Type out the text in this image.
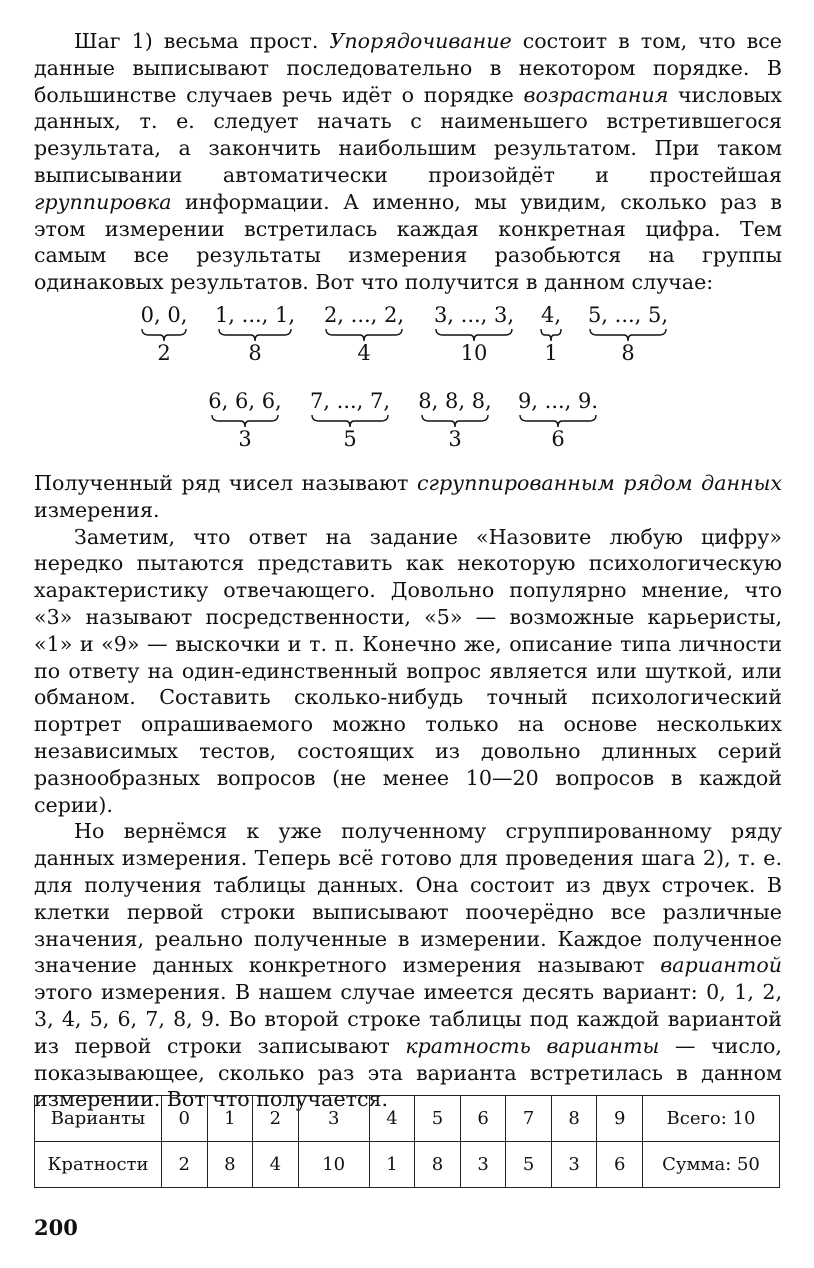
Шаг 1) весьма прост. Упорядочивание состоит в том, что все данные выписывают последовательно в некотором порядке. В большинстве случаев речь идёт о порядке возрастания числовых данных, т. е. следует начать с наименьшего встретившегося результата, а закончить наибольшим результатом. При таком выписывании автоматически произойдёт и простейшая группировка информации. А именно, мы увидим, сколько раз в этом измерении встретилась каждая конкретная цифра. Тем самым все результаты измерения разобьются на группы одинаковых результатов. Вот что получится в данном случае:

0, 0,
2
1, ..., 1,
8
2, ..., 2,
4
3, ..., 3,
10
4,
1
5, ..., 5,
8
6, 6, 6,
3
7, ..., 7,
5
8, 8, 8,
3
9, ..., 9.
6

Полученный ряд чисел называют сгруппированным рядом данных измерения.

Заметим, что ответ на задание «Назовите любую цифру» нередко пытаются представить как некоторую психологическую характеристику отвечающего. Довольно популярно мнение, что «3» называют посредственности, «5» — возможные карьеристы, «1» и «9» — выскочки и т. п. Конечно же, описание типа личности по ответу на один-единственный вопрос является или шуткой, или обманом. Составить сколько-нибудь точный психологический портрет опрашиваемого можно только на основе нескольких независимых тестов, состоящих из довольно длинных серий разнообразных вопросов (не менее 10—20 вопросов в каждой серии).

Но вернёмся к уже полученному сгруппированному ряду данных измерения. Теперь всё готово для проведения шага 2), т. е. для получения таблицы данных. Она состоит из двух строчек. В клетки первой строки выписывают поочерёдно все различные значения, реально полученные в измерении. Каждое полученное значение данных конкретного измерения называют вариантой этого измерения. В нашем случае имеется десять вариант: 0, 1, 2, 3, 4, 5, 6, 7, 8, 9. Во второй строке таблицы под каждой вариантой из первой строки записывают кратность варианты — число, показывающее, сколько раз эта варианта встретилась в данном измерении. Вот что получается.

Варианты	0	1	2	3	4	5	6	7	8	9	Всего: 10
Кратности	2	8	4	10	1	8	3	5	3	6	Сумма: 50
200
